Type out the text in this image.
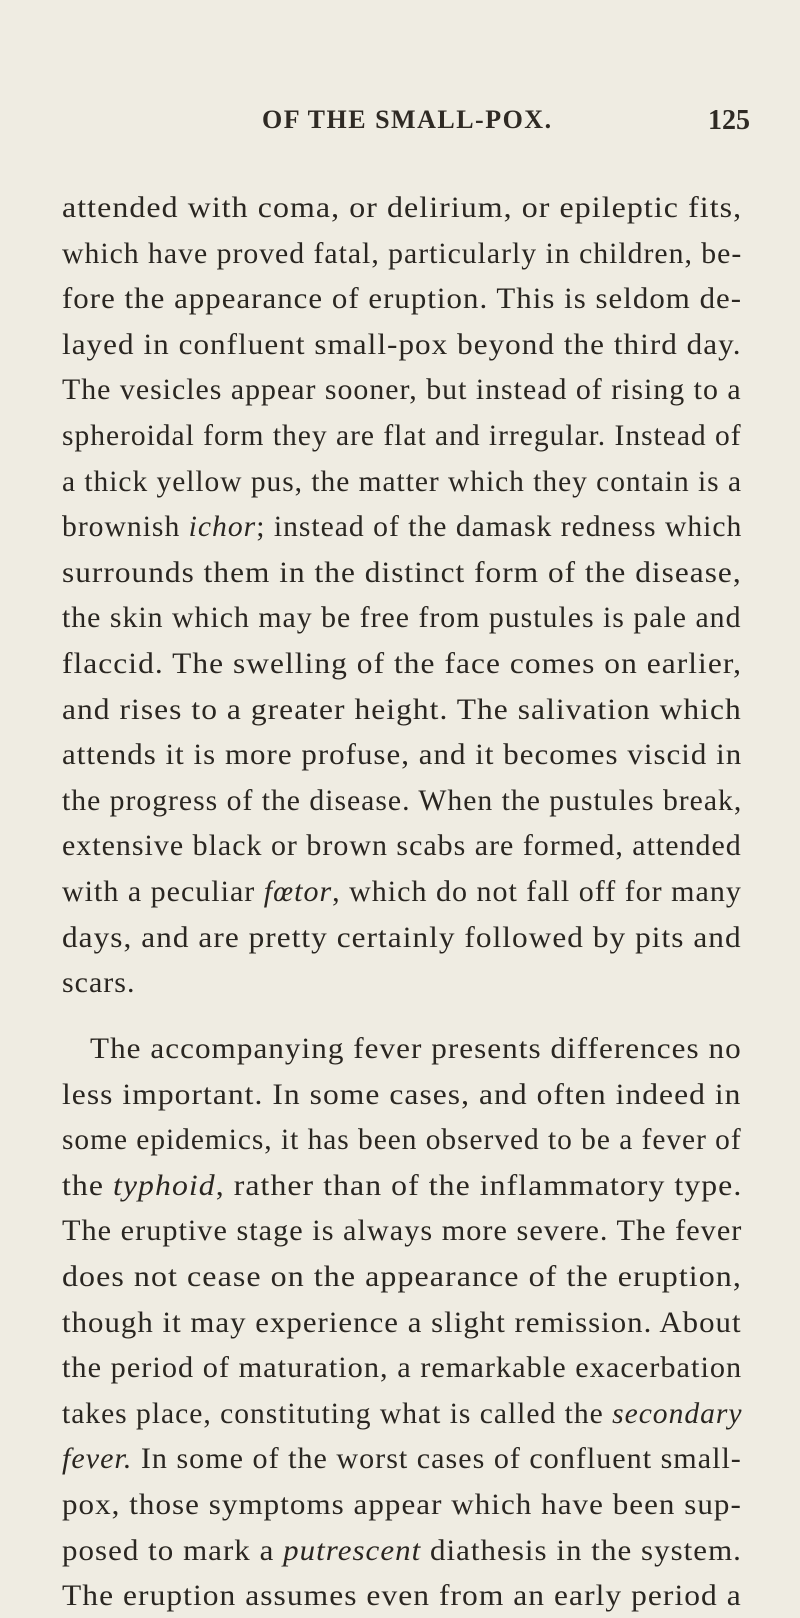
OF THE SMALL-POX.	125
attended with coma, or delirium, or epileptic fits,
which have proved fatal, particularly in children, be-
fore the appearance of eruption. This is seldom de-
layed in confluent small-pox beyond the third day.
The vesicles appear sooner, but instead of rising to a
spheroidal form they are flat and irregular. Instead of
a thick yellow pus, the matter which they contain is a
brownish ichor; instead of the damask redness which
surrounds them in the distinct form of the disease,
the skin which may be free from pustules is pale and
flaccid. The swelling of the face comes on earlier,
and rises to a greater height. The salivation which
attends it is more profuse, and it becomes viscid in
the progress of the disease. When the pustules break,
extensive black or brown scabs are formed, attended
with a peculiar fœtor, which do not fall off for many
days, and are pretty certainly followed by pits and
scars.
The accompanying fever presents differences no
less important. In some cases, and often indeed in
some epidemics, it has been observed to be a fever of
the typhoid, rather than of the inflammatory type.
The eruptive stage is always more severe. The fever
does not cease on the appearance of the eruption,
though it may experience a slight remission. About
the period of maturation, a remarkable exacerbation
takes place, constituting what is called the secondary
fever. In some of the worst cases of confluent small-
pox, those symptoms appear which have been sup-
posed to mark a putrescent diathesis in the system.
The eruption assumes even from an early period a
